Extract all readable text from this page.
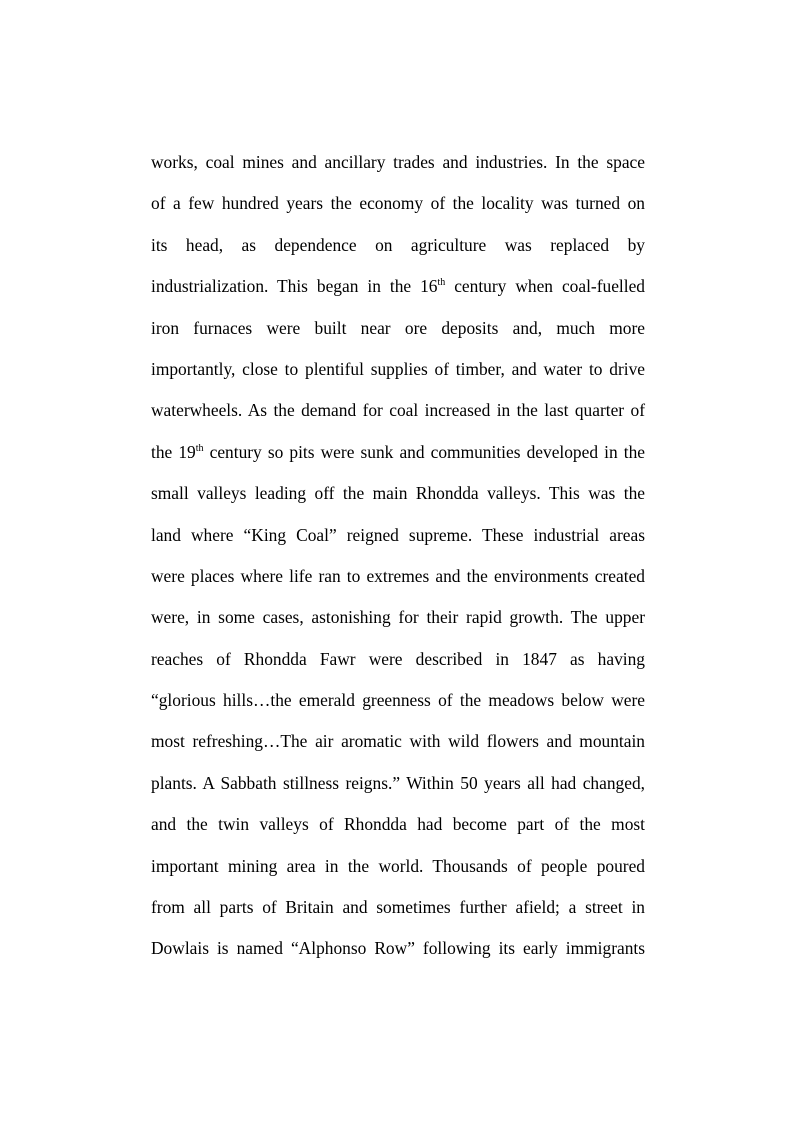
works, coal mines and ancillary trades and industries. In the space
of a few hundred years the economy of the locality was turned on
its head, as dependence on agriculture was replaced by
industrialization. This began in the 16th century when coal-fuelled
iron furnaces were built near ore deposits and, much more
importantly, close to plentiful supplies of timber, and water to drive
waterwheels. As the demand for coal increased in the last quarter of
the 19th century so pits were sunk and communities developed in the
small valleys leading off the main Rhondda valleys. This was the
land where “King Coal” reigned supreme. These industrial areas
were places where life ran to extremes and the environments created
were, in some cases, astonishing for their rapid growth. The upper
reaches of Rhondda Fawr were described in 1847 as having
“glorious hills…the emerald greenness of the meadows below were
most refreshing…The air aromatic with wild flowers and mountain
plants. A Sabbath stillness reigns.” Within 50 years all had changed,
and the twin valleys of Rhondda had become part of the most
important mining area in the world. Thousands of people poured
from all parts of Britain and sometimes further afield; a street in
Dowlais is named “Alphonso Row” following its early immigrants
